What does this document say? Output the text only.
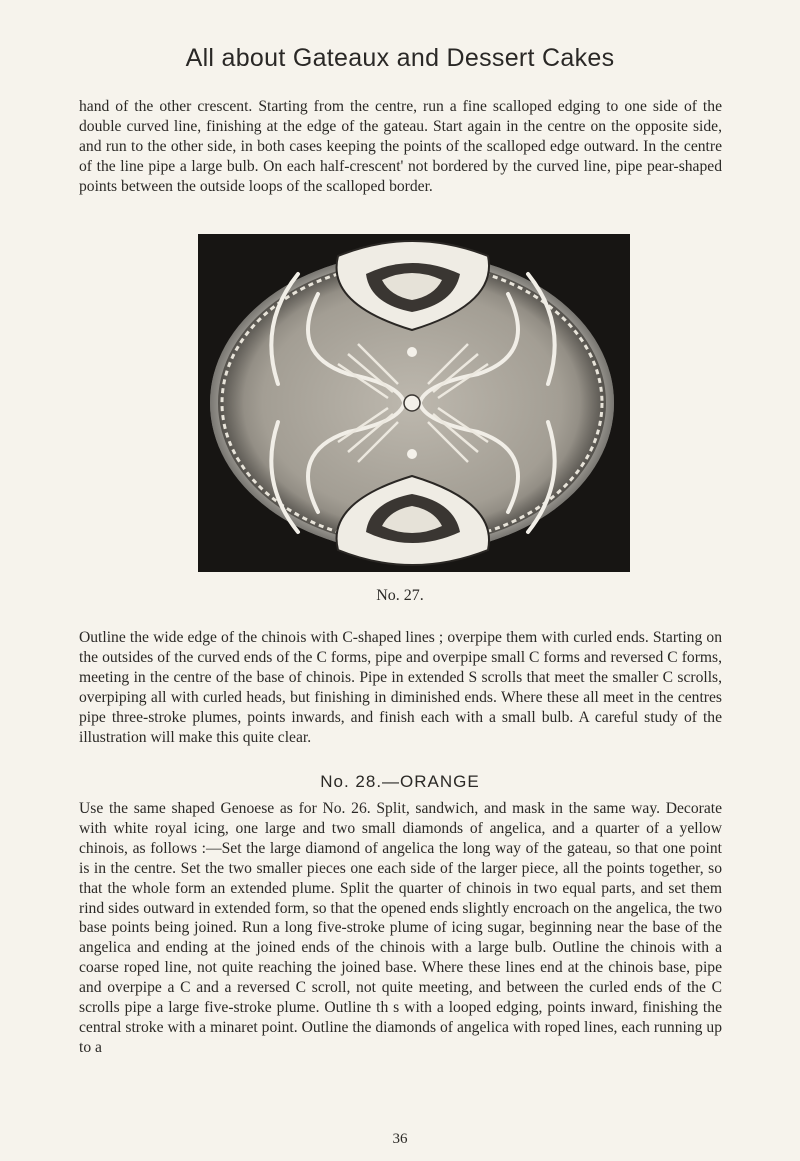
All about Gateaux and Dessert Cakes

hand of the other crescent. Starting from the centre, run a fine scalloped edging to one side of the double curved line, finishing at the edge of the gateau. Start again in the centre on the opposite side, and run to the other side, in both cases keeping the points of the scalloped edge outward. In the centre of the line pipe a large bulb. On each half-crescent' not bordered by the curved line, pipe pear-shaped points between the outside loops of the scalloped border.

No. 27.

Outline the wide edge of the chinois with C-shaped lines ; overpipe them with curled ends. Starting on the outsides of the curved ends of the C forms, pipe and overpipe small C forms and reversed C forms, meeting in the centre of the base of chinois. Pipe in extended S scrolls that meet the smaller C scrolls, overpiping all with curled heads, but finishing in diminished ends. Where these all meet in the centres pipe three-stroke plumes, points inwards, and finish each with a small bulb. A careful study of the illustration will make this quite clear.

No. 28.—ORANGE

Use the same shaped Genoese as for No. 26. Split, sandwich, and mask in the same way. Decorate with white royal icing, one large and two small diamonds of angelica, and a quarter of a yellow chinois, as follows :—Set the large diamond of angelica the long way of the gateau, so that one point is in the centre. Set the two smaller pieces one each side of the larger piece, all the points together, so that the whole form an extended plume. Split the quarter of chinois in two equal parts, and set them rind sides outward in extended form, so that the opened ends slightly encroach on the angelica, the two base points being joined. Run a long five-stroke plume of icing sugar, beginning near the base of the angelica and ending at the joined ends of the chinois with a large bulb. Outline the chinois with a coarse roped line, not quite reaching the joined base. Where these lines end at the chinois base, pipe and overpipe a C and a reversed C scroll, not quite meeting, and between the curled ends of the C scrolls pipe a large five-stroke plume. Outline th s with a looped edging, points inward, finishing the central stroke with a minaret point. Outline the diamonds of angelica with roped lines, each running up to a

36
